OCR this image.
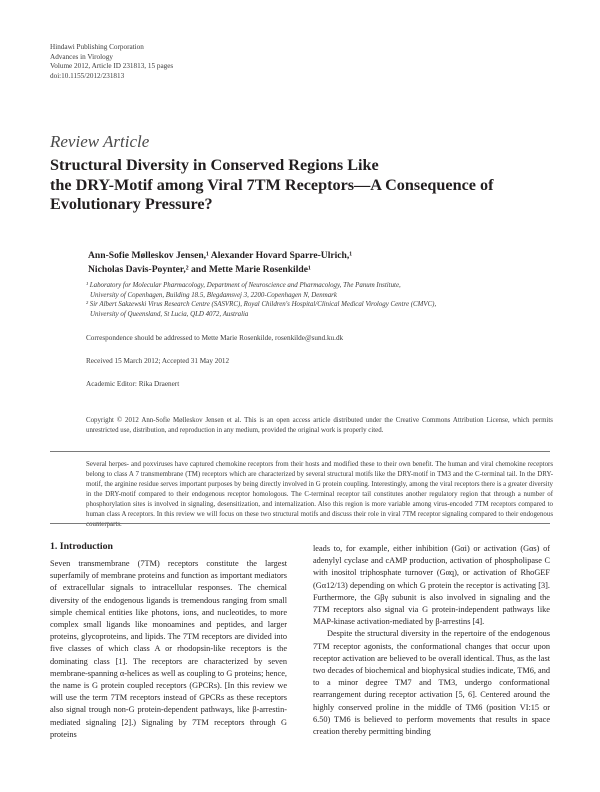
Hindawi Publishing Corporation
Advances in Virology
Volume 2012, Article ID 231813, 15 pages
doi:10.1155/2012/231813
Review Article
Structural Diversity in Conserved Regions Like
the DRY-Motif among Viral 7TM Receptors—A Consequence of
Evolutionary Pressure?
Ann-Sofie Mølleskov Jensen,¹ Alexander Hovard Sparre-Ulrich,¹
Nicholas Davis-Poynter,² and Mette Marie Rosenkilde¹
¹ Laboratory for Molecular Pharmacology, Department of Neuroscience and Pharmacology, The Panum Institute,
University of Copenhagen, Building 18.5, Blegdamsvej 3, 2200-Copenhagen N, Denmark
² Sir Albert Sakzewski Virus Research Centre (SASVRC), Royal Children's Hospital/Clinical Medical Virology Centre (CMVC),
University of Queensland, St Lucia, QLD 4072, Australia
Correspondence should be addressed to Mette Marie Rosenkilde, rosenkilde@sund.ku.dk
Received 15 March 2012; Accepted 31 May 2012
Academic Editor: Rika Draenert
Copyright © 2012 Ann-Sofie Mølleskov Jensen et al. This is an open access article distributed under the Creative Commons Attribution License, which permits unrestricted use, distribution, and reproduction in any medium, provided the original work is properly cited.
Several herpes- and poxviruses have captured chemokine receptors from their hosts and modified these to their own benefit. The human and viral chemokine receptors belong to class A 7 transmembrane (TM) receptors which are characterized by several structural motifs like the DRY-motif in TM3 and the C-terminal tail. In the DRY-motif, the arginine residue serves important purposes by being directly involved in G protein coupling. Interestingly, among the viral receptors there is a greater diversity in the DRY-motif compared to their endogenous receptor homologous. The C-terminal receptor tail constitutes another regulatory region that through a number of phosphorylation sites is involved in signaling, desensitization, and internalization. Also this region is more variable among virus-encoded 7TM receptors compared to human class A receptors. In this review we will focus on these two structural motifs and discuss their role in viral 7TM receptor signaling compared to their endogenous counterparts.
1. Introduction

Seven transmembrane (7TM) receptors constitute the largest superfamily of membrane proteins and function as important mediators of extracellular signals to intracellular responses. The chemical diversity of the endogenous ligands is tremendous ranging from small simple chemical entities like photons, ions, and nucleotides, to more complex small ligands like monoamines and peptides, and larger proteins, glycoproteins, and lipids. The 7TM receptors are divided into five classes of which class A or rhodopsin-like receptors is the dominating class [1]. The receptors are characterized by seven membrane-spanning α-helices as well as coupling to G proteins; hence, the name is G protein coupled receptors (GPCRs). [In this review we will use the term 7TM receptors instead of GPCRs as these receptors also signal trough non-G protein-dependent pathways, like β-arrestin-mediated signaling [2].) Signaling by 7TM receptors through G proteins

leads to, for example, either inhibition (Gαi) or activation (Gαs) of adenylyl cyclase and cAMP production, activation of phospholipase C with inositol triphosphate turnover (Gαq), or activation of RhoGEF (Gα12/13) depending on which G protein the receptor is activating [3]. Furthermore, the Gβγ subunit is also involved in signaling and the 7TM receptors also signal via G protein-independent pathways like MAP-kinase activation-mediated by β-arrestins [4].

Despite the structural diversity in the repertoire of the endogenous 7TM receptor agonists, the conformational changes that occur upon receptor activation are believed to be overall identical. Thus, as the last two decades of biochemical and biophysical studies indicate, TM6, and to a minor degree TM7 and TM3, undergo conformational rearrangement during receptor activation [5, 6]. Centered around the highly conserved proline in the middle of TM6 (position VI:15 or 6.50) TM6 is believed to perform movements that results in space creation thereby permitting binding
